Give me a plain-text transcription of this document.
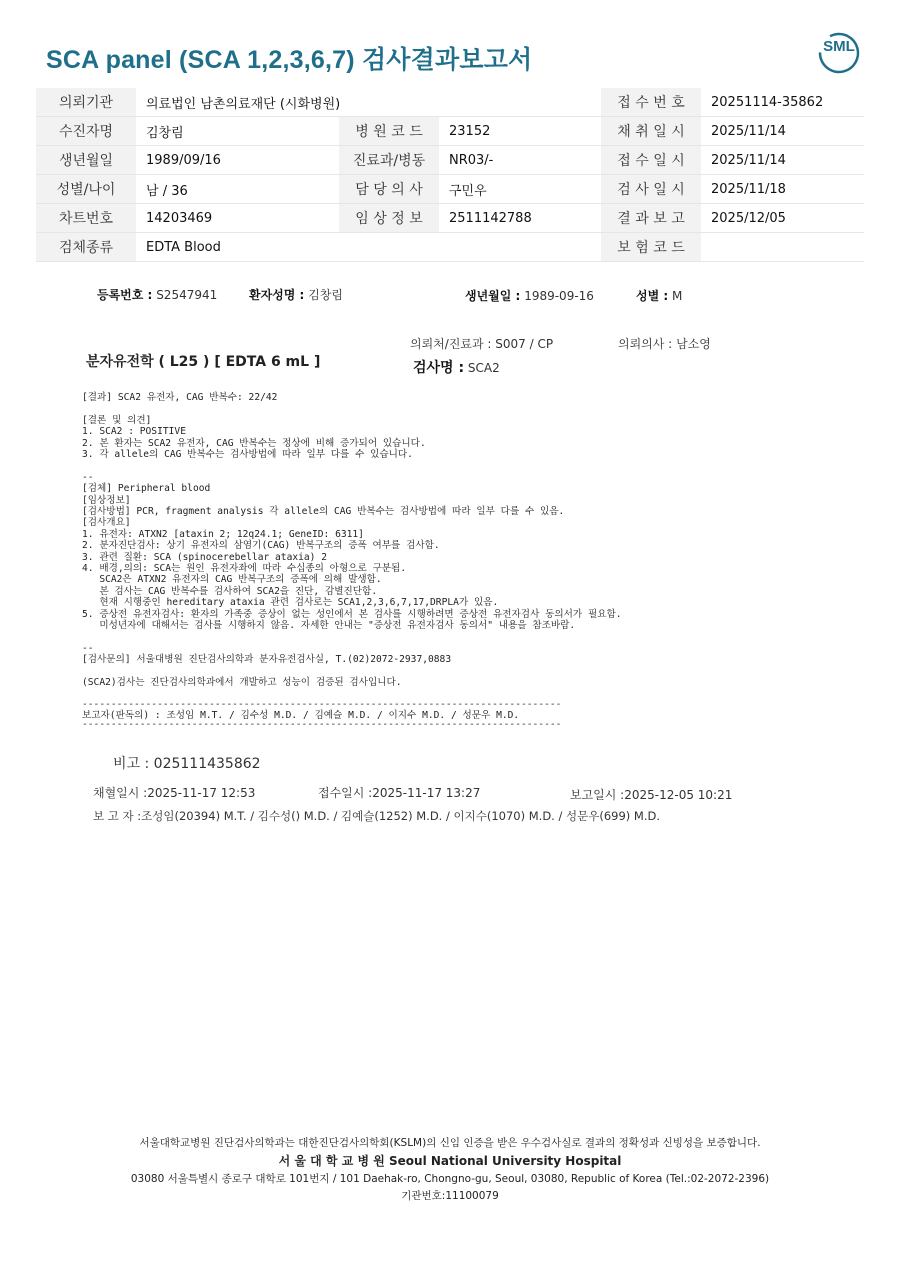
SCA panel (SCA 1,2,3,6,7) 검사결과보고서	SML
의뢰기관	의료법인 남촌의료재단 (시화병원)			접 수 번 호	20251114-35862
수진자명	김창림	병 원 코 드	23152	채 취 일 시	2025/11/14
생년월일	1989/09/16	진료과/병동	NR03/-	접 수 일 시	2025/11/14
성별/나이	남 / 36	담 당 의 사	구민우	검 사 일 시	2025/11/18
차트번호	14203469	임 상 정 보	2511142788	결 과 보 고	2025/12/05
검체종류	EDTA Blood			보 험 코 드	
등록번호 : S2547941	환자성명 : 김창림	생년월일 : 1989-09-16	성별 : M
의뢰처/진료과 : S007 / CP	의뢰의사 : 남소영
분자유전학 ( L25 ) [ EDTA 6 mL ]	검사명 : SCA2
[결과] SCA2 유전자, CAG 반복수: 22/42
[결론 및 의견]
1. SCA2 : POSITIVE
2. 본 환자는 SCA2 유전자, CAG 반복수는 정상에 비해 증가되어 있습니다.
3. 각 allele의 CAG 반복수는 검사방법에 따라 일부 다를 수 있습니다.
--
[검체] Peripheral blood
[임상정보]
[검사방법] PCR, fragment analysis 각 allele의 CAG 반복수는 검사방법에 따라 일부 다를 수 있음.
[검사개요]
1. 유전자: ATXN2 [ataxin 2; 12q24.1; GeneID: 6311]
2. 분자진단검사: 상기 유전자의 삼염기(CAG) 반복구조의 증폭 여부를 검사함.
3. 관련 질환: SCA (spinocerebellar ataxia) 2
4. 배경,의의: SCA는 원인 유전자좌에 따라 수십종의 아형으로 구분됨.
SCA2은 ATXN2 유전자의 CAG 반복구조의 증폭에 의해 발생함.
본 검사는 CAG 반복수를 검사하여 SCA2을 진단, 감별진단함.
현재 시행중인 hereditary ataxia 관련 검사로는 SCA1,2,3,6,7,17,DRPLA가 있음.
5. 증상전 유전자검사: 환자의 가족중 증상이 없는 성인에서 본 검사를 시행하려면 증상전 유전자검사 동의서가 필요함.
미성년자에 대해서는 검사를 시행하지 않음. 자세한 안내는 "증상전 유전자검사 동의서" 내용을 참조바람.
--
[검사문의] 서울대병원 진단검사의학과 분자유전검사실, T.(02)2072-2937,0883
(SCA2)검사는 진단검사의학과에서 개발하고 성능이 검증된 검사입니다.
-----------------------------------------------------------------------------------
보고자(판독의) : 조성임 M.T. / 김수성 M.D. / 김예슬 M.D. / 이지수 M.D. / 성문우 M.D.
-----------------------------------------------------------------------------------
비고 : 025111435862
채혈일시 :2025-11-17 12:53	접수일시 :2025-11-17 13:27	보고일시 :2025-12-05 10:21
보 고 자 :조성임(20394) M.T. / 김수성() M.D. / 김예슬(1252) M.D. / 이지수(1070) M.D. / 성문우(699) M.D.
서울대학교병원 진단검사의학과는 대한진단검사의학회(KSLM)의 신임 인증을 받은 우수검사실로 결과의 정확성과 신빙성을 보증합니다.
서 울 대 학 교 병 원 Seoul National University Hospital
03080 서울특별시 종로구 대학로 101번지 / 101 Daehak-ro, Chongno-gu, Seoul, 03080, Republic of Korea (Tel.:02-2072-2396)
기관번호:11100079
